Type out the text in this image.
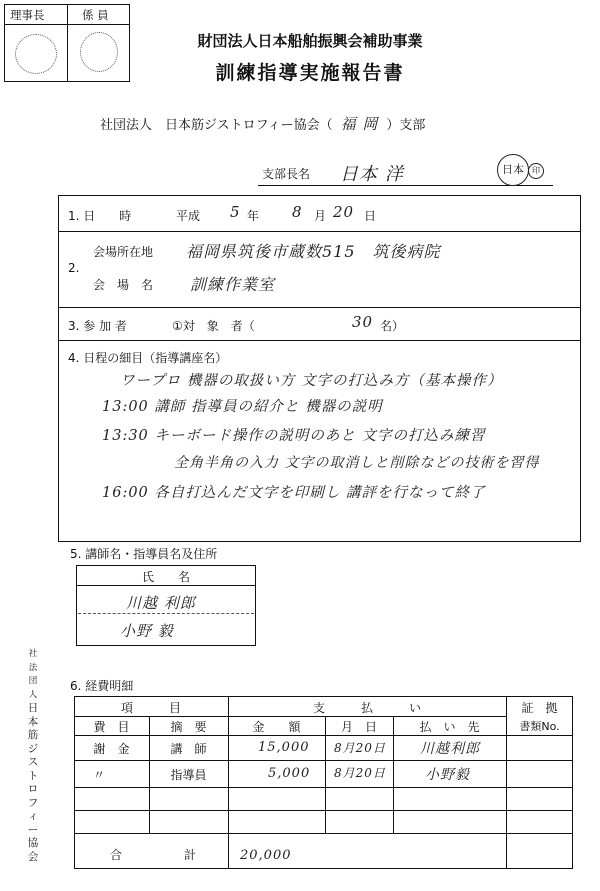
理事長	係 員
財団法人日本船舶振興会補助事業
訓練指導実施報告書
社団法人　日本筋ジストロフィー協会（ 福 岡 ）支部
支部長名 日本 洋	日本	印
1. 日　　時	平成 5 年 8 月 20 日
2.
会場所在地 福岡県筑後市蔵数515　筑後病院
会　場　名 訓練作業室
3. 参 加 者	①対　象　者（	30 名）
4. 日程の細目（指導講座名）
ワープロ 機器の取扱い方 文字の打込み方（基本操作）
13:00 講師 指導員の紹介と 機器の説明
13:30 キーボード操作の説明のあと 文字の打込み練習
全角半角の入力 文字の取消しと削除などの技術を習得
16:00 各自打込んだ文字を印刷し 講評を行なって終了
5. 講師名・指導員名及住所
氏　　名
川越 利郎
小野 毅
6. 経費明細
項　　　目	支　　　払　　　い	証　拠
書類No.
費　目	摘　要	金　　額	月　日	払　い　先
謝　金	講　師	15,000 8月20日 川越利郎
〃	指導員	5,000 8月20日	小野毅
合	計	20,000
社法
団人
日
本
筋
ジ
ス
ト
ロ
フ
ィ
ー
協
会
